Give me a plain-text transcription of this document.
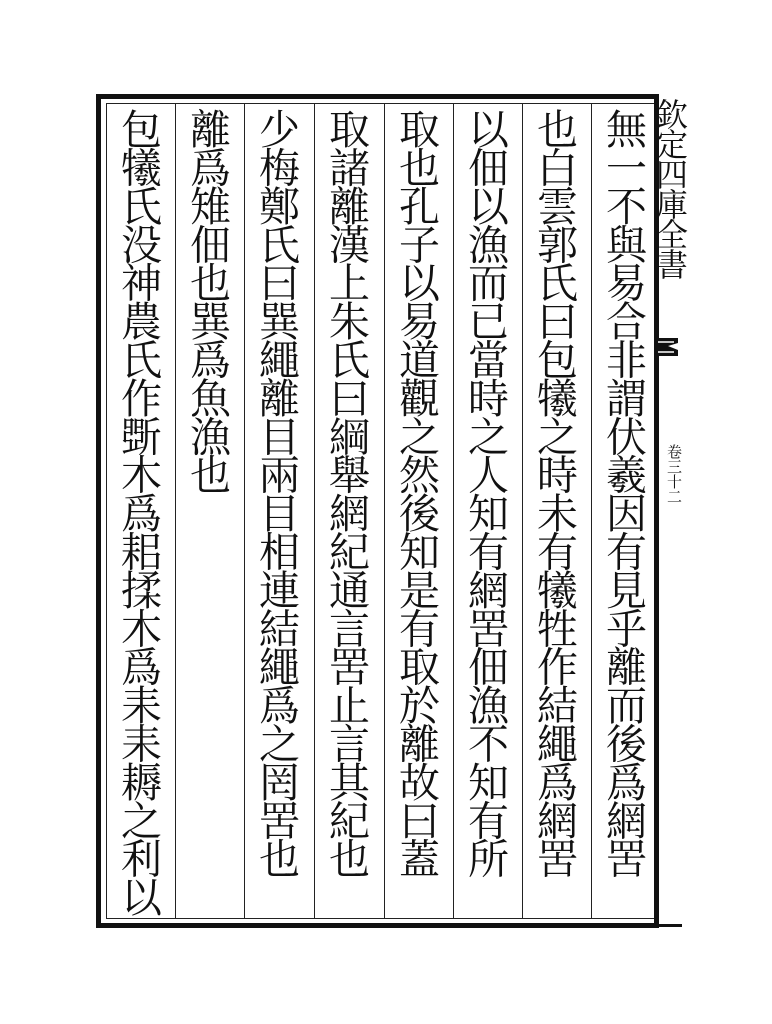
無一不與易合非謂伏羲因有見乎離而後爲網罟
也白雲郭氏曰包犧之時未有犧牲作結繩爲網罟
以佃以漁而已當時之人知有網罟佃漁不知有所
取也孔子以易道觀之然後知是有取於離故曰蓋
取諸離漢上朱氏曰綱舉網紀通言罟止言其紀也
少梅鄭氏曰巽繩離目兩目相連結繩爲之罔罟也
離爲雉佃也巽爲魚漁也
包犧氏没神農氏作斲木爲耜揉木爲耒耒耨之利以	欽定四庫全書
卷三十二
